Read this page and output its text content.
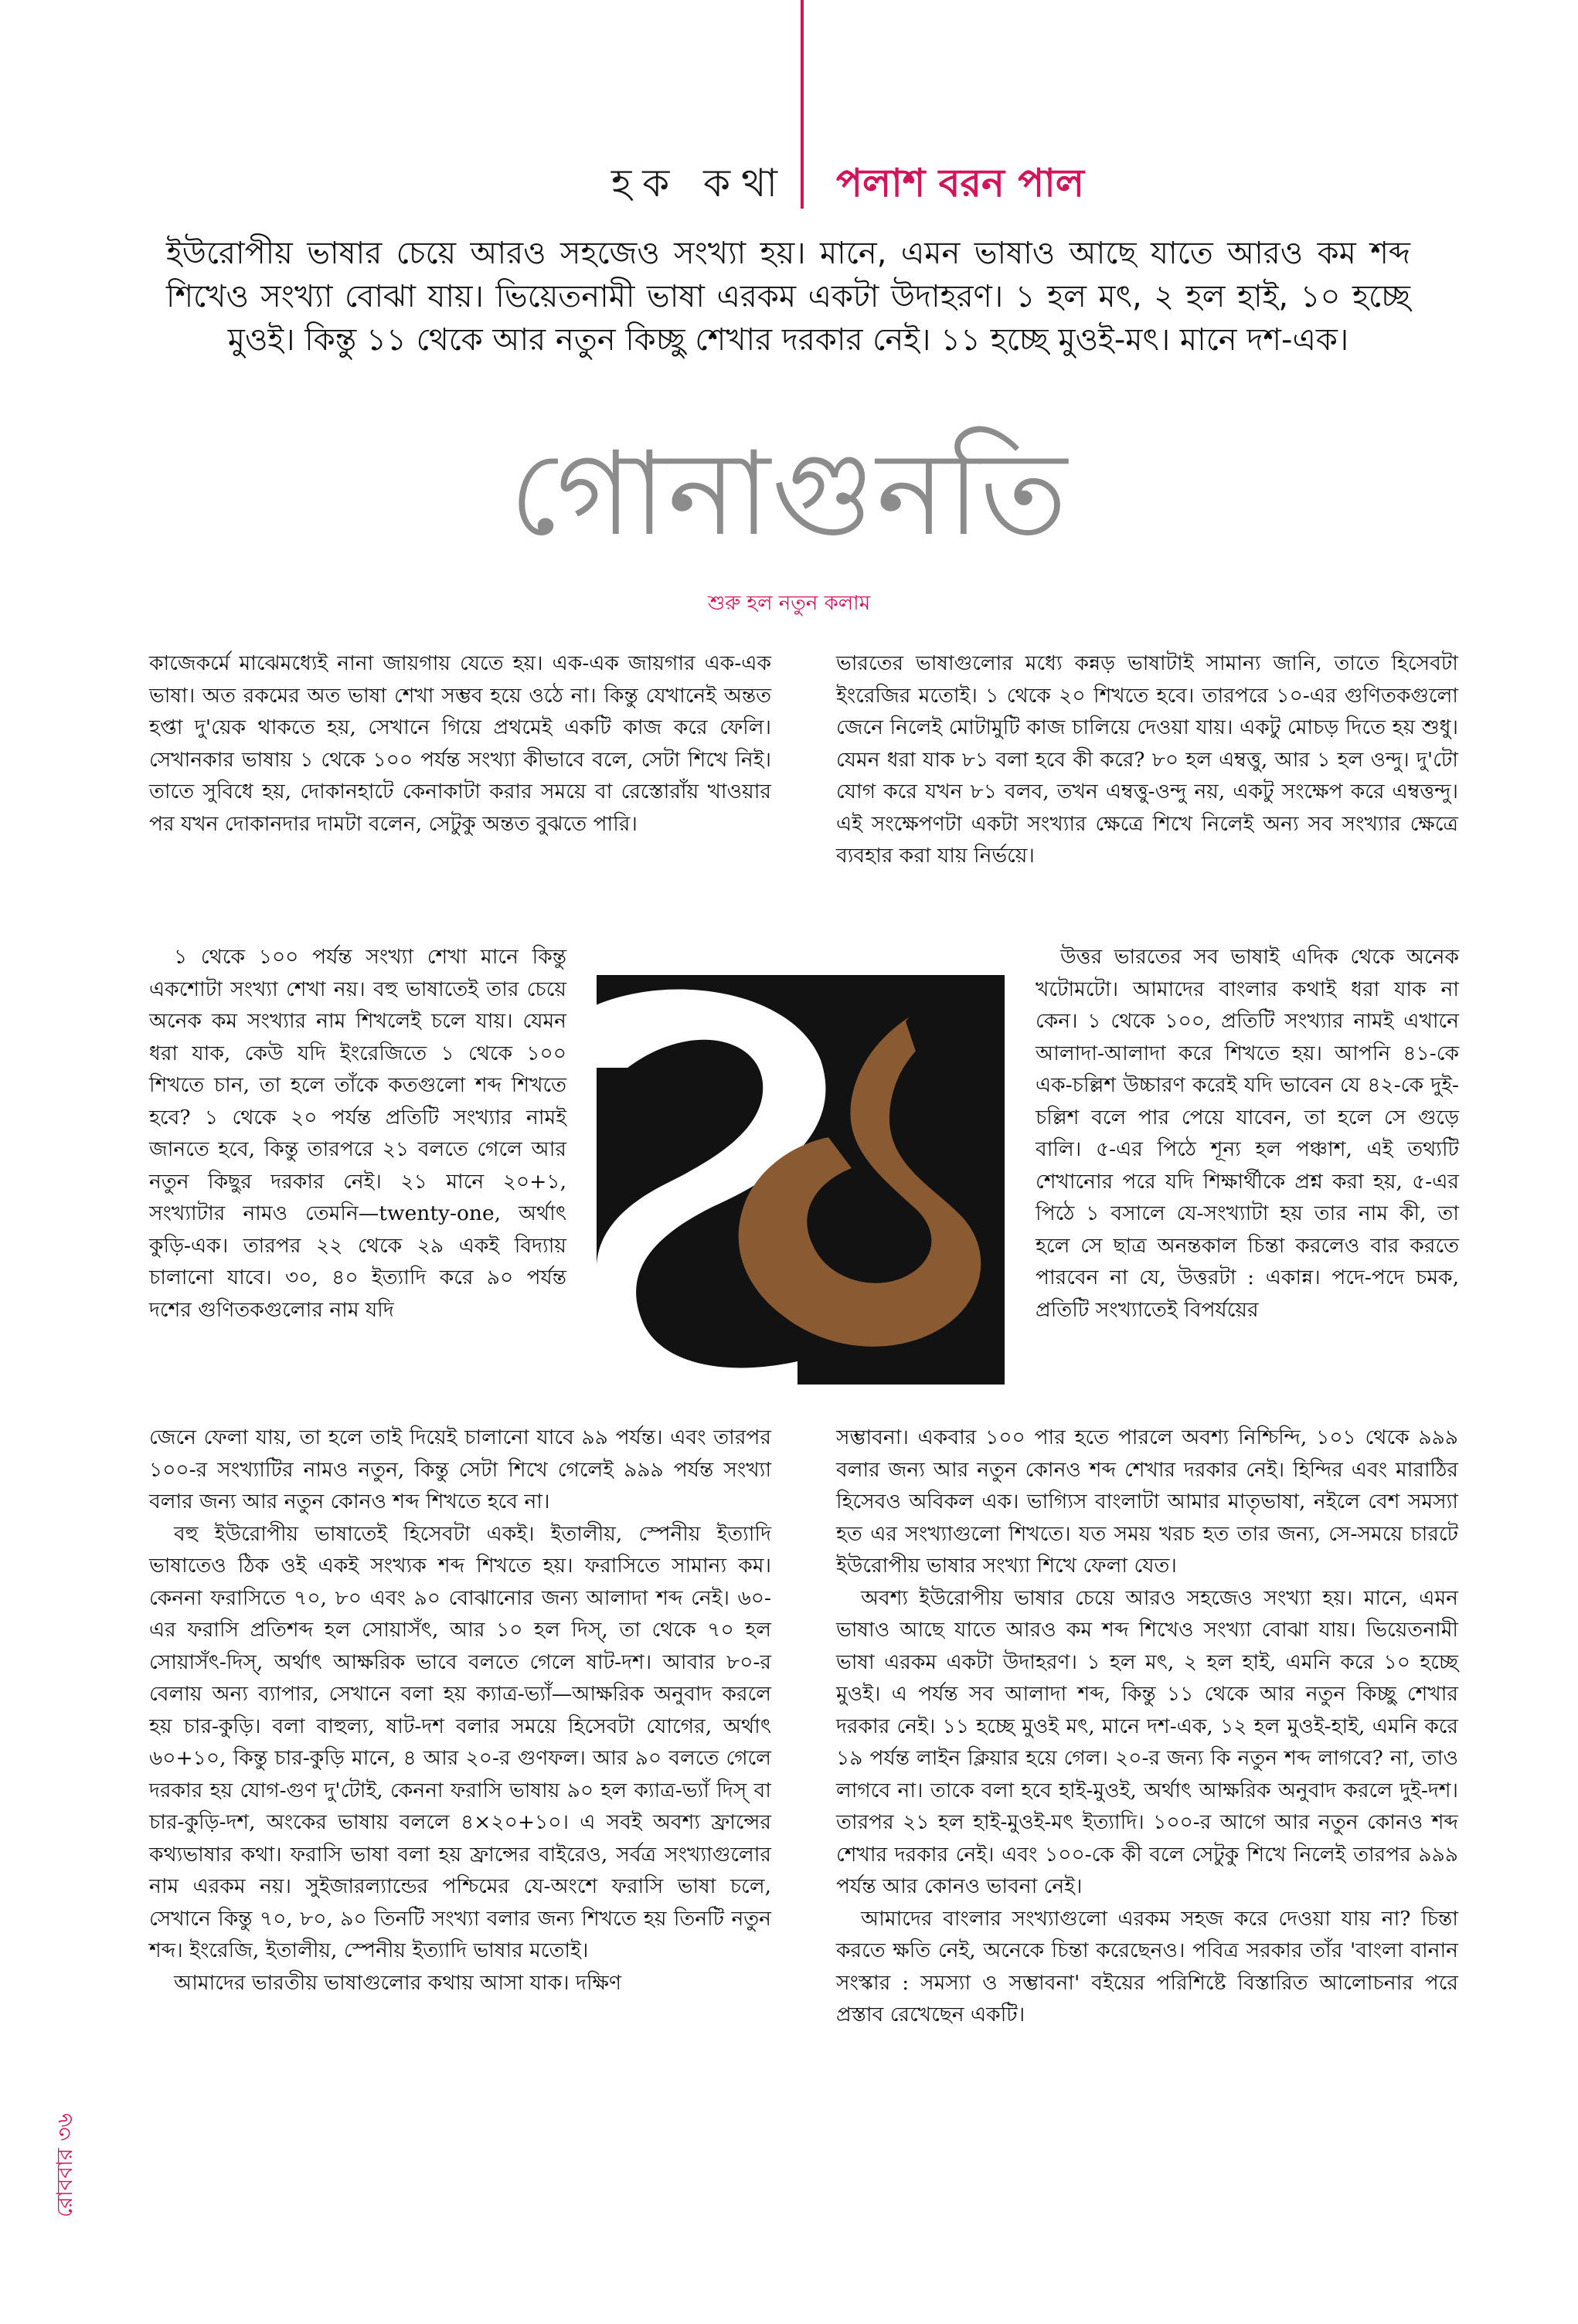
হক কথা পলাশ বরন পাল
ইউরোপীয় ভাষার চেয়ে আরও সহজেও সংখ্যা হয়। মানে, এমন ভাষাও আছে যাতে আরও কম শব্দ শিখেও সংখ্যা বোঝা যায়। ভিয়েতনামী ভাষা এরকম একটা উদাহরণ। ১ হল মৎ, ২ হল হাই, ১০ হচ্ছে মুওই। কিন্তু ১১ থেকে আর নতুন কিচ্ছু শেখার দরকার নেই। ১১ হচ্ছে মুওই-মৎ। মানে দশ-এক।
গোনাগুনতি
শুরু হল নতুন কলাম

কাজেকর্মে মাঝেমধ্যেই নানা জায়গায় যেতে হয়। এক-এক জায়গার এক-এক ভাষা। অত রকমের অত ভাষা শেখা সম্ভব হয়ে ওঠে না। কিন্তু যেখানেই অন্তত হপ্তা দু'য়েক থাকতে হয়, সেখানে গিয়ে প্রথমেই একটি কাজ করে ফেলি। সেখানকার ভাষায় ১ থেকে ১০০ পর্যন্ত সংখ্যা কীভাবে বলে, সেটা শিখে নিই। তাতে সুবিধে হয়, দোকানহাটে কেনাকাটা করার সময়ে বা রেস্তোরাঁয় খাওয়ার পর যখন দোকানদার দামটা বলেন, সেটুকু অন্তত বুঝতে পারি।

১ থেকে ১০০ পর্যন্ত সংখ্যা শেখা মানে কিন্তু একশোটা সংখ্যা শেখা নয়। বহু ভাষাতেই তার চেয়ে অনেক কম সংখ্যার নাম শিখলেই চলে যায়। যেমন ধরা যাক, কেউ যদি ইংরেজিতে ১ থেকে ১০০ শিখতে চান, তা হলে তাঁকে কতগুলো শব্দ শিখতে হবে? ১ থেকে ২০ পর্যন্ত প্রতিটি সংখ্যার নামই জানতে হবে, কিন্তু তারপরে ২১ বলতে গেলে আর নতুন কিছুর দরকার নেই। ২১ মানে ২০+১, সংখ্যাটার নামও তেমনি—twenty-one, অর্থাৎ কুড়ি-এক। তারপর ২২ থেকে ২৯ একই বিদ্যায় চালানো যাবে। ৩০, ৪০ ইত্যাদি করে ৯০ পর্যন্ত দশের গুণিতকগুলোর নাম যদি

জেনে ফেলা যায়, তা হলে তাই দিয়েই চালানো যাবে ৯৯ পর্যন্ত। এবং তারপর ১০০-র সংখ্যাটির নামও নতুন, কিন্তু সেটা শিখে গেলেই ৯৯৯ পর্যন্ত সংখ্যা বলার জন্য আর নতুন কোনও শব্দ শিখতে হবে না।

বহু ইউরোপীয় ভাষাতেই হিসেবটা একই। ইতালীয়, স্পেনীয় ইত্যাদি ভাষাতেও ঠিক ওই একই সংখ্যক শব্দ শিখতে হয়। ফরাসিতে সামান্য কম। কেননা ফরাসিতে ৭০, ৮০ এবং ৯০ বোঝানোর জন্য আলাদা শব্দ নেই। ৬০-এর ফরাসি প্রতিশব্দ হল সোয়াসঁৎ, আর ১০ হল দিস্, তা থেকে ৭০ হল সোয়াসঁৎ-দিস্, অর্থাৎ আক্ষরিক ভাবে বলতে গেলে ষাট-দশ। আবার ৮০-র বেলায় অন্য ব্যাপার, সেখানে বলা হয় ক্যাত্র-ভ্যাঁ—আক্ষরিক অনুবাদ করলে হয় চার-কুড়ি। বলা বাহুল্য, ষাট-দশ বলার সময়ে হিসেবটা যোগের, অর্থাৎ ৬০+১০, কিন্তু চার-কুড়ি মানে, ৪ আর ২০-র গুণফল। আর ৯০ বলতে গেলে দরকার হয় যোগ-গুণ দু'টোই, কেননা ফরাসি ভাষায় ৯০ হল ক্যাত্র-ভ্যাঁ দিস্ বা চার-কুড়ি-দশ, অংকের ভাষায় বললে ৪×২০+১০। এ সবই অবশ্য ফ্রান্সের কথ্যভাষার কথা। ফরাসি ভাষা বলা হয় ফ্রান্সের বাইরেও, সর্বত্র সংখ্যাগুলোর নাম এরকম নয়। সুইজারল্যান্ডের পশ্চিমের যে-অংশে ফরাসি ভাষা চলে, সেখানে কিন্তু ৭০, ৮০, ৯০ তিনটি সংখ্যা বলার জন্য শিখতে হয় তিনটি নতুন শব্দ। ইংরেজি, ইতালীয়, স্পেনীয় ইত্যাদি ভাষার মতোই।

আমাদের ভারতীয় ভাষাগুলোর কথায় আসা যাক। দক্ষিণ

ভারতের ভাষাগুলোর মধ্যে কন্নড় ভাষাটাই সামান্য জানি, তাতে হিসেবটা ইংরেজির মতোই। ১ থেকে ২০ শিখতে হবে। তারপরে ১০-এর গুণিতকগুলো জেনে নিলেই মোটামুটি কাজ চালিয়ে দেওয়া যায়। একটু মোচড় দিতে হয় শুধু। যেমন ধরা যাক ৮১ বলা হবে কী করে? ৮০ হল এম্বত্তু, আর ১ হল ওন্দু। দু'টো যোগ করে যখন ৮১ বলব, তখন এম্বত্তু-ওন্দু নয়, একটু সংক্ষেপ করে এম্বত্তন্দু। এই সংক্ষেপণটা একটা সংখ্যার ক্ষেত্রে শিখে নিলেই অন্য সব সংখ্যার ক্ষেত্রে ব্যবহার করা যায় নির্ভয়ে।

উত্তর ভারতের সব ভাষাই এদিক থেকে অনেক খটোমটো। আমাদের বাংলার কথাই ধরা যাক না কেন। ১ থেকে ১০০, প্রতিটি সংখ্যার নামই এখানে আলাদা-আলাদা করে শিখতে হয়। আপনি ৪১-কে এক-চল্লিশ উচ্চারণ করেই যদি ভাবেন যে ৪২-কে দুই-চল্লিশ বলে পার পেয়ে যাবেন, তা হলে সে গুড়ে বালি। ৫-এর পিঠে শূন্য হল পঞ্চাশ, এই তথ্যটি শেখানোর পরে যদি শিক্ষার্থীকে প্রশ্ন করা হয়, ৫-এর পিঠে ১ বসালে যে-সংখ্যাটা হয় তার নাম কী, তা হলে সে ছাত্র অনন্তকাল চিন্তা করলেও বার করতে পারবেন না যে, উত্তরটা : একান্ন। পদে-পদে চমক, প্রতিটি সংখ্যাতেই বিপর্যয়ের

সম্ভাবনা। একবার ১০০ পার হতে পারলে অবশ্য নিশ্চিন্দি, ১০১ থেকে ৯৯৯ বলার জন্য আর নতুন কোনও শব্দ শেখার দরকার নেই। হিন্দির এবং মারাঠির হিসেবও অবিকল এক। ভাগ্যিস বাংলাটা আমার মাতৃভাষা, নইলে বেশ সমস্যা হত এর সংখ্যাগুলো শিখতে। যত সময় খরচ হত তার জন্য, সে-সময়ে চারটে ইউরোপীয় ভাষার সংখ্যা শিখে ফেলা যেত।

অবশ্য ইউরোপীয় ভাষার চেয়ে আরও সহজেও সংখ্যা হয়। মানে, এমন ভাষাও আছে যাতে আরও কম শব্দ শিখেও সংখ্যা বোঝা যায়। ভিয়েতনামী ভাষা এরকম একটা উদাহরণ। ১ হল মৎ, ২ হল হাই, এমনি করে ১০ হচ্ছে মুওই। এ পর্যন্ত সব আলাদা শব্দ, কিন্তু ১১ থেকে আর নতুন কিচ্ছু শেখার দরকার নেই। ১১ হচ্ছে মুওই মৎ, মানে দশ-এক, ১২ হল মুওই-হাই, এমনি করে ১৯ পর্যন্ত লাইন ক্লিয়ার হয়ে গেল। ২০-র জন্য কি নতুন শব্দ লাগবে? না, তাও লাগবে না। তাকে বলা হবে হাই-মুওই, অর্থাৎ আক্ষরিক অনুবাদ করলে দুই-দশ। তারপর ২১ হল হাই-মুওই-মৎ ইত্যাদি। ১০০-র আগে আর নতুন কোনও শব্দ শেখার দরকার নেই। এবং ১০০-কে কী বলে সেটুকু শিখে নিলেই তারপর ৯৯৯ পর্যন্ত আর কোনও ভাবনা নেই।

আমাদের বাংলার সংখ্যাগুলো এরকম সহজ করে দেওয়া যায় না? চিন্তা করতে ক্ষতি নেই, অনেকে চিন্তা করেছেনও। পবিত্র সরকার তাঁর 'বাংলা বানান সংস্কার : সমস্যা ও সম্ভাবনা' বইয়ের পরিশিষ্টে বিস্তারিত আলোচনার পরে প্রস্তাব রেখেছেন একটি।

রোববার ৩৬
